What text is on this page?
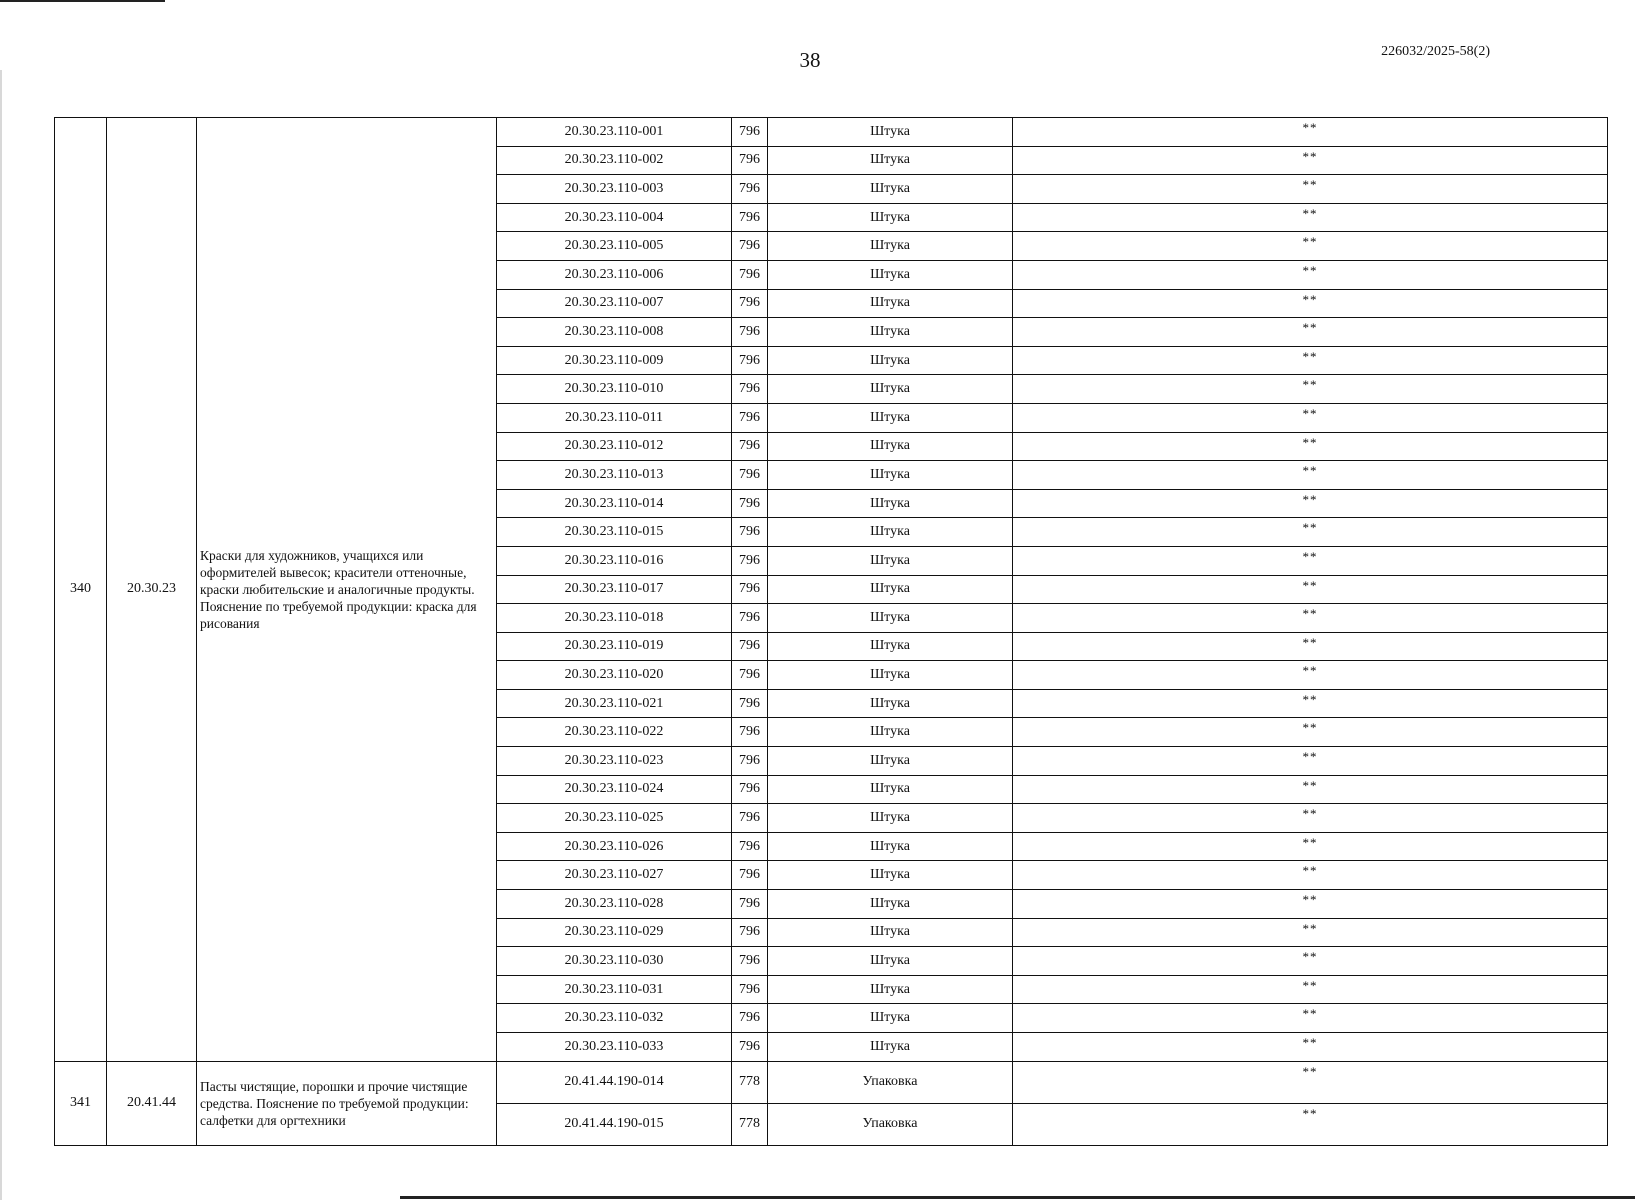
38	226032/2025-58(2)
340	20.30.23	Краски для художников, учащихся или оформителей вывесок; красители оттеночные, краски любительские и аналогичные продукты. Пояснение по требуемой продукции: краска для рисования	20.30.23.110-001	796	Штука	**
			20.30.23.110-002	796	Штука	**
			20.30.23.110-003	796	Штука	**
			20.30.23.110-004	796	Штука	**
			20.30.23.110-005	796	Штука	**
			20.30.23.110-006	796	Штука	**
			20.30.23.110-007	796	Штука	**
			20.30.23.110-008	796	Штука	**
			20.30.23.110-009	796	Штука	**
			20.30.23.110-010	796	Штука	**
			20.30.23.110-011	796	Штука	**
			20.30.23.110-012	796	Штука	**
			20.30.23.110-013	796	Штука	**
			20.30.23.110-014	796	Штука	**
			20.30.23.110-015	796	Штука	**
			20.30.23.110-016	796	Штука	**
			20.30.23.110-017	796	Штука	**
			20.30.23.110-018	796	Штука	**
			20.30.23.110-019	796	Штука	**
			20.30.23.110-020	796	Штука	**
			20.30.23.110-021	796	Штука	**
			20.30.23.110-022	796	Штука	**
			20.30.23.110-023	796	Штука	**
			20.30.23.110-024	796	Штука	**
			20.30.23.110-025	796	Штука	**
			20.30.23.110-026	796	Штука	**
			20.30.23.110-027	796	Штука	**
			20.30.23.110-028	796	Штука	**
			20.30.23.110-029	796	Штука	**
			20.30.23.110-030	796	Штука	**
			20.30.23.110-031	796	Штука	**
			20.30.23.110-032	796	Штука	**
			20.30.23.110-033	796	Штука	**
341	20.41.44	Пасты чистящие, порошки и прочие чистящие средства. Пояснение по требуемой продукции: салфетки для оргтехники	20.41.44.190-014	778	Упаковка	**
			20.41.44.190-015	778	Упаковка	**
